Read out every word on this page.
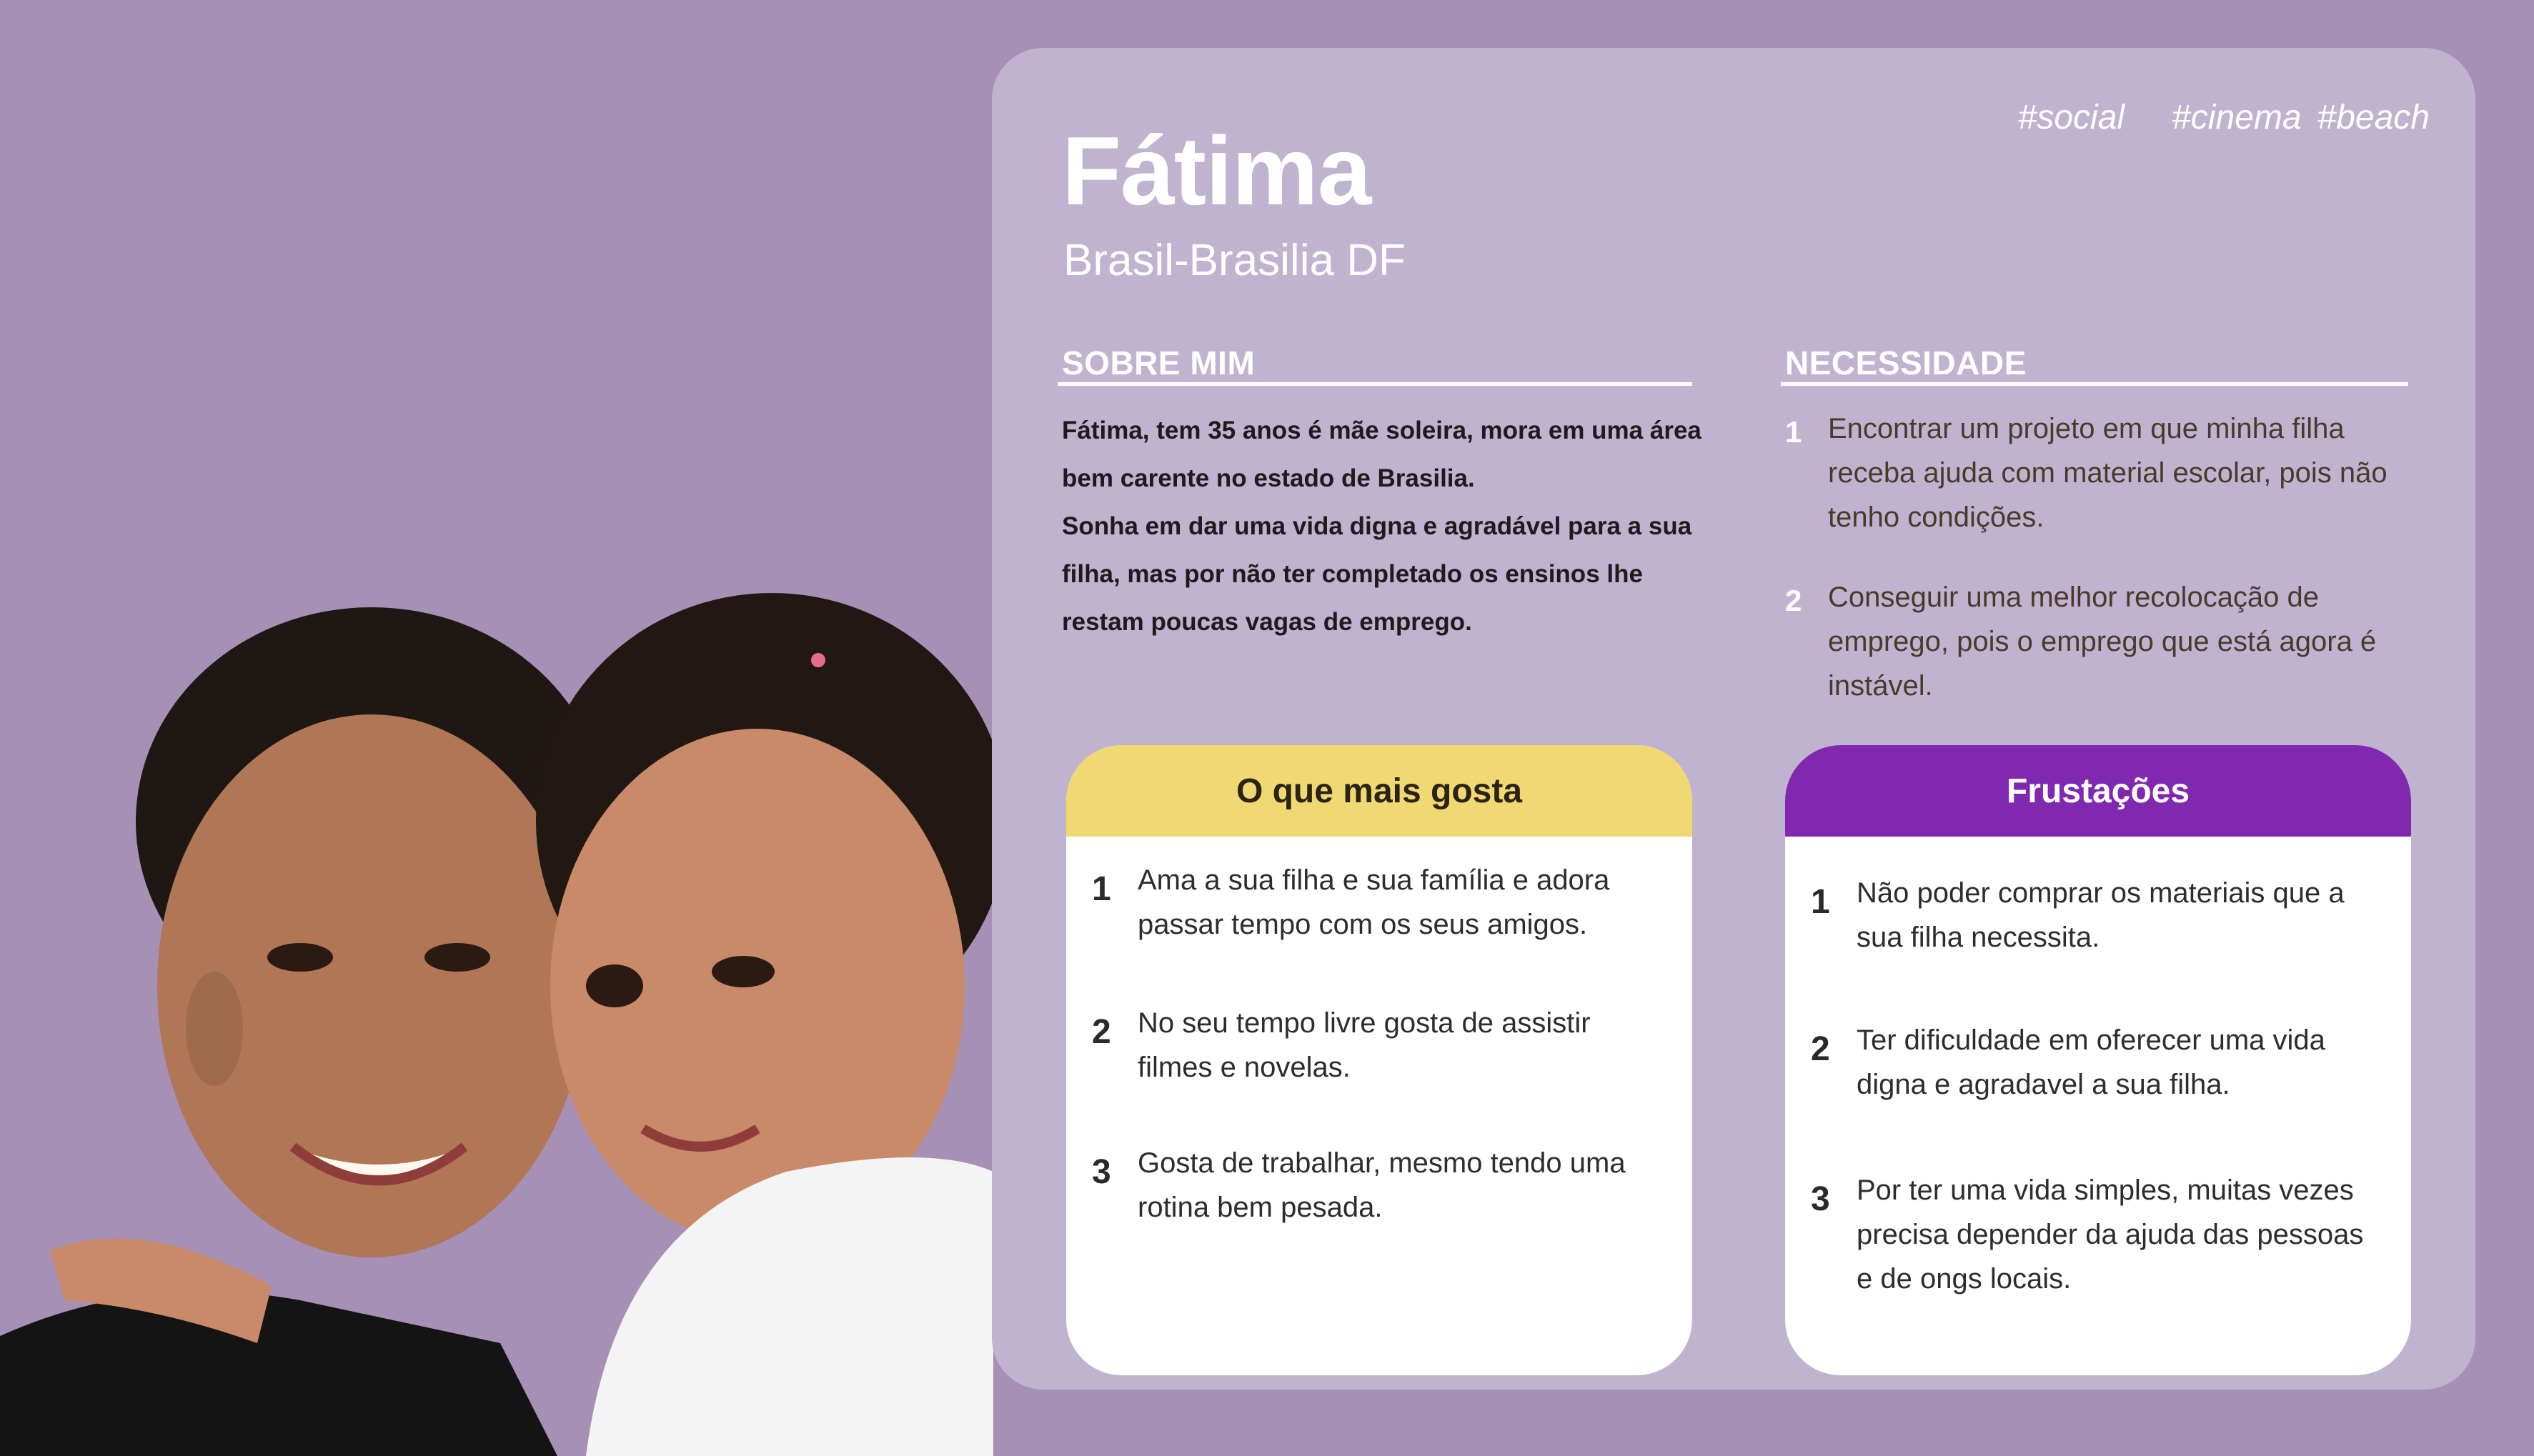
#social #cinema #beach
Fátima
Brasil-Brasilia DF
SOBRE MIM

Fátima, tem 35 anos é mãe soleira, mora em uma área bem carente no estado de Brasilia.

Sonha em dar uma vida digna e agradável para a sua filha, mas por não ter completado os ensinos lhe restam poucas vagas de emprego.

NECESSIDADE
1 Encontrar um projeto em que minha filha receba ajuda com material escolar, pois não tenho condições.
2 Conseguir uma melhor recolocação de emprego, pois o emprego que está agora é instável.
O que mais gosta
1 Ama a sua filha e sua família e adora passar tempo com os seus amigos.
2 No seu tempo livre gosta de assistir filmes e novelas.
3 Gosta de trabalhar, mesmo tendo uma rotina bem pesada.
Frustações
1 Não poder comprar os materiais que a sua filha necessita.
2 Ter dificuldade em oferecer uma vida digna e agradavel a sua filha.
3 Por ter uma vida simples, muitas vezes precisa depender da ajuda das pessoas e de ongs locais.
